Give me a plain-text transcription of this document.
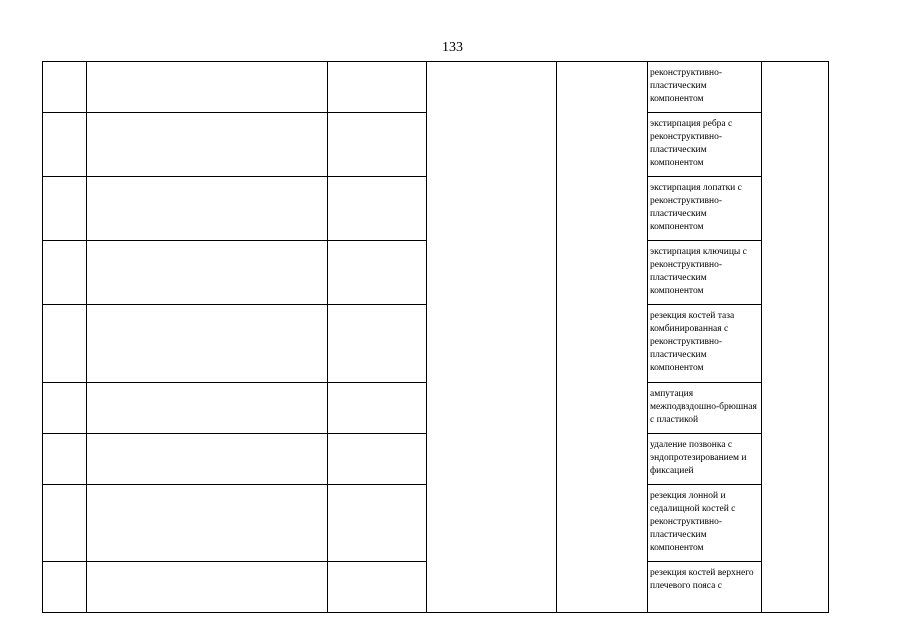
133
реконструктивно-пластическим компонентом
экстирпация ребра с реконструктивно-пластическим компонентом
экстирпация лопатки с реконструктивно-пластическим компонентом
экстирпация ключицы с реконструктивно-пластическим компонентом
резекция костей таза комбинированная с реконструктивно-пластическим компонентом
ампутация межподвздошно-брюшная с пластикой
удаление позвонка с эндопротезированием и фиксацией
резекция лонной и седалищной костей с реконструктивно-пластическим компонентом
резекция костей верхнего плечевого пояса с
